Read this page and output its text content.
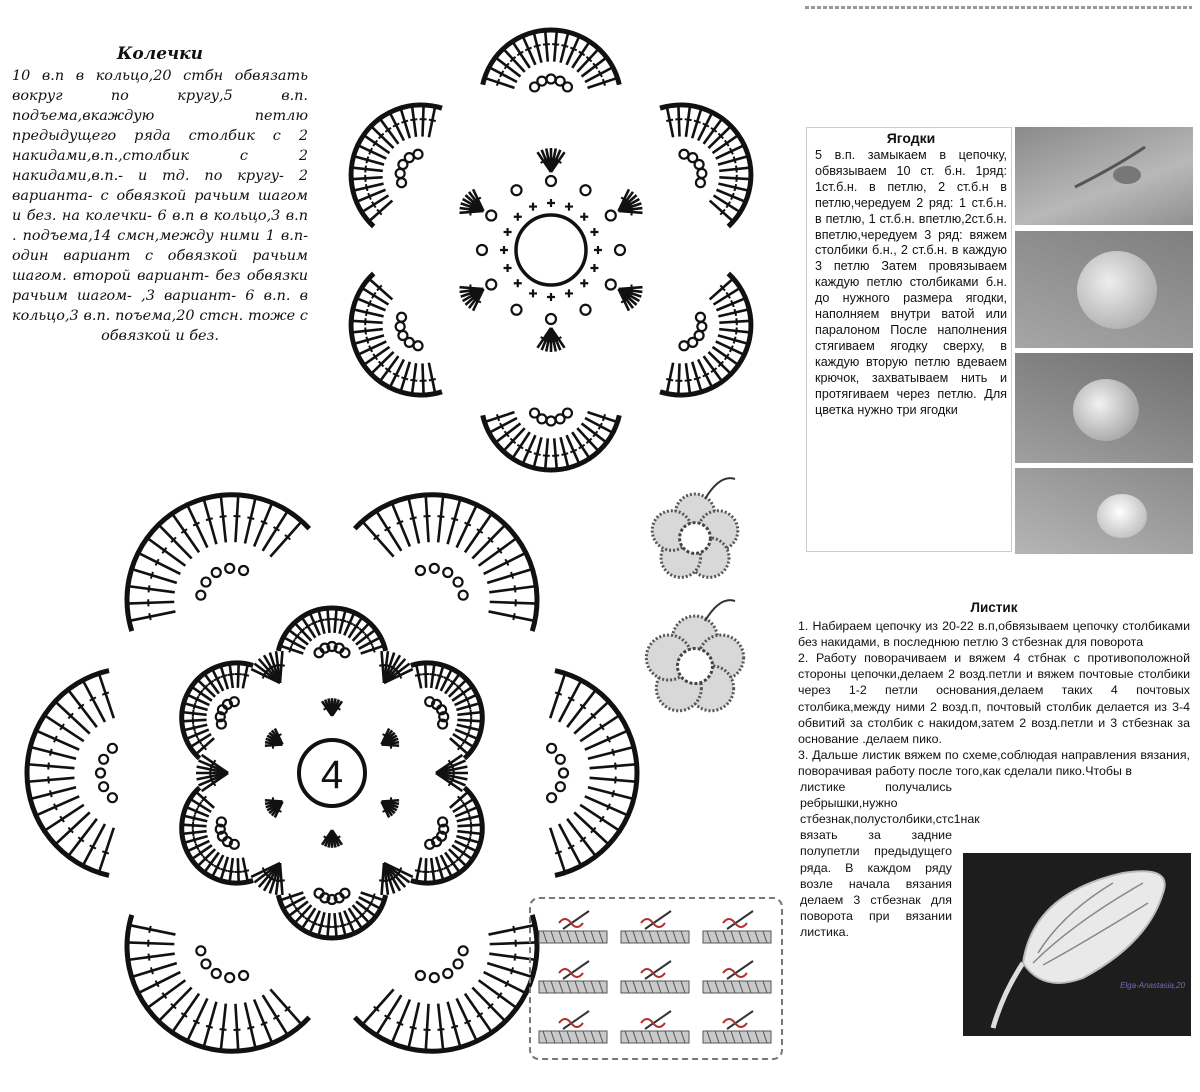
Колечки

10 в.п в кольцо,20 стбн обвязать вокруг по кругу,5 в.п. подъема,вкаждую петлю предыдущего ряда столбик с 2 накидами,в.п.,столбик с 2 накидами,в.п.- и тд. по кругу- 2 варианта- с обвязкой рачьим шагом и без. на колечки- 6 в.п в кольцо,3 в.п . подъема,14 смсн,между ними 1 в.п- один вариант с обвязкой рачьим шагом. второй вариант- без обвязки рачьим шагом- ,3 вариант- 6 в.п. в кольцо,3 в.п. поъема,20 стсн. тоже с обвязкой и без.

4
Ягодки

5 в.п. замыкаем в цепочку, обвязываем 10 ст. б.н. 1ряд: 1ст.б.н. в петлю, 2 ст.б.н в петлю,чередуем 2 ряд: 1 ст.б.н. в петлю, 1 ст.б.н. впетлю,2ст.б.н. впетлю,чередуем 3 ряд: вяжем столбики б.н., 2 ст.б.н. в каждую 3 петлю Затем провязываем каждую петлю столбиками б.н. до нужного размера ягодки, наполняем внутри ватой или паралоном После наполнения стягиваем ягодку сверху, в каждую вторую петлю вдеваем крючок, захватываем нить и протягиваем через петлю. Для цветка нужно три ягодки

Листик

1. Набираем цепочку из 20-22 в.п,обвязываем цепочку столбиками без накидами, в последнюю петлю 3 стбезнак для поворота

2. Работу поворачиваем и вяжем 4 стбнак с противоположной стороны цепочки,делаем 2 возд.петли и вяжем почтовые столбики через 1-2 петли основания,делаем таких 4 почтовых столбика,между ними 2 возд.п, почтовый столбик делается из 3-4 обвитий за столбик с накидом,затем 2 возд.петли и 3 стбезнак за основание .делаем пико.

3. Дальше листик вяжем по схеме,соблюдая направления вязания, поворачивая работу после того,как сделали пико.Чтобы в

листике получались ребрышки,нужно стбезнак,полустолбики,стс1нак вязать за задние полупетли предыдущего ряда. В каждом ряду возле начала вязания делаем 3 стбезнак для поворота при вязании листика.

Elga-Anastasia,20
